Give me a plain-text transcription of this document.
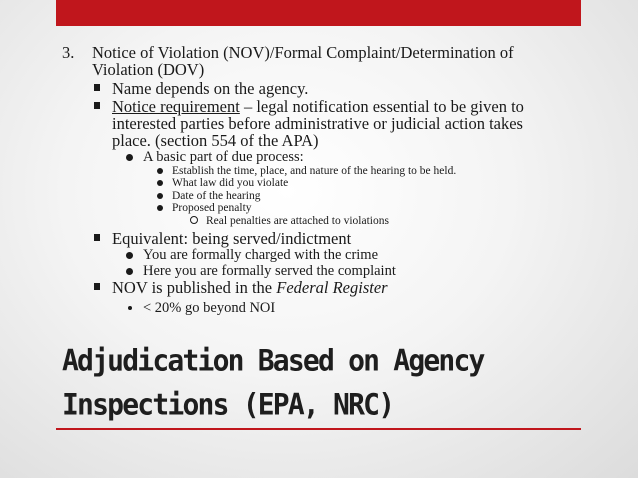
3. Notice of Violation (NOV)/Formal Complaint/Determination of
Violation (DOV)
Name depends on the agency.
Notice requirement – legal notification essential to be given to
interested parties before administrative or judicial action takes
place. (section 554 of the APA)
A basic part of due process:
Establish the time, place, and nature of the hearing to be held.
What law did you violate
Date of the hearing
Proposed penalty
Real penalties are attached to violations
Equivalent: being served/indictment
You are formally charged with the crime
Here you are formally served the complaint
NOV is published in the Federal Register
< 20% go beyond NOI
Adjudication Based on Agency
Inspections (EPA, NRC)
